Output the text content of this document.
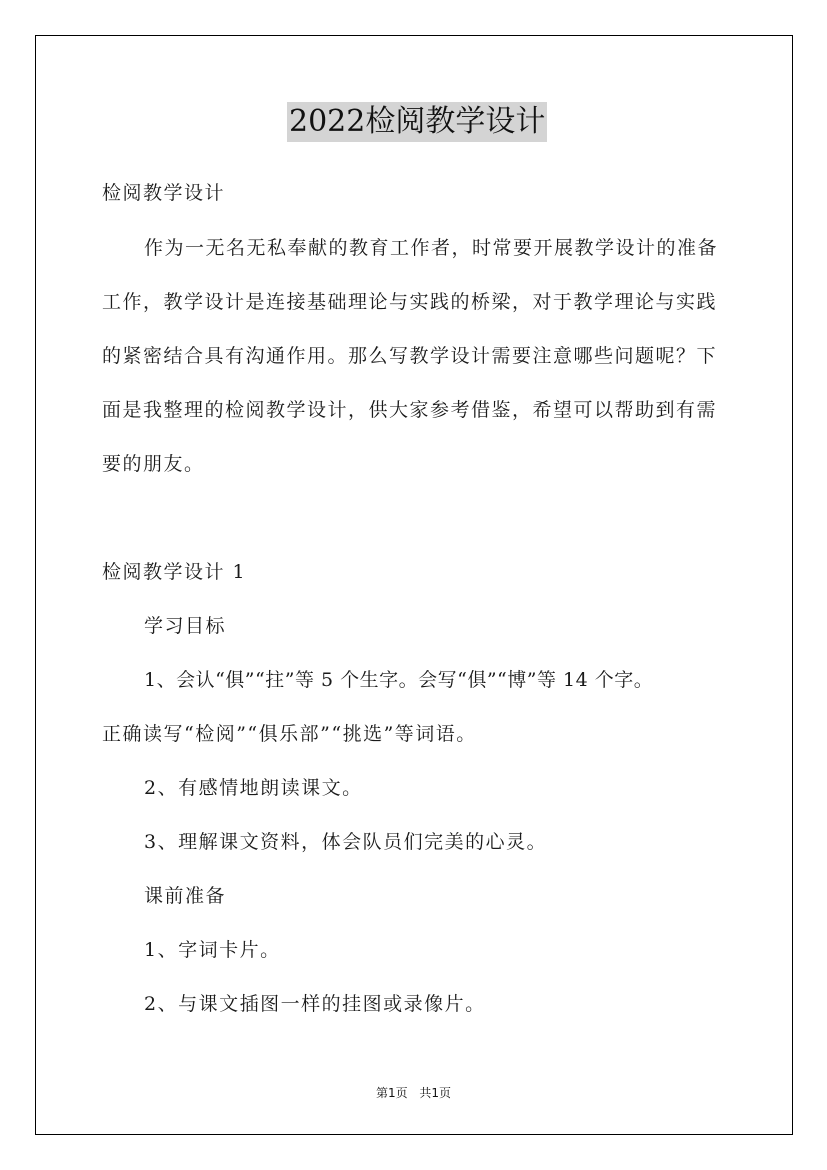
2022检阅教学设计
检阅教学设计
作为一无名无私奉献的教育工作者，时常要开展教学设计的准备
工作，教学设计是连接基础理论与实践的桥梁，对于教学理论与实践
的紧密结合具有沟通作用。那么写教学设计需要注意哪些问题呢？下
面是我整理的检阅教学设计，供大家参考借鉴，希望可以帮助到有需
要的朋友。
检阅教学设计 1
学习目标
1、会认“俱”“拄”等 5 个生字。会写“俱”“博”等 14 个字。
正确读写“检阅”“俱乐部”“挑选”等词语。
2、有感情地朗读课文。
3、理解课文资料，体会队员们完美的心灵。
课前准备
1、字词卡片。
2、与课文插图一样的挂图或录像片。
第1页 共1页
